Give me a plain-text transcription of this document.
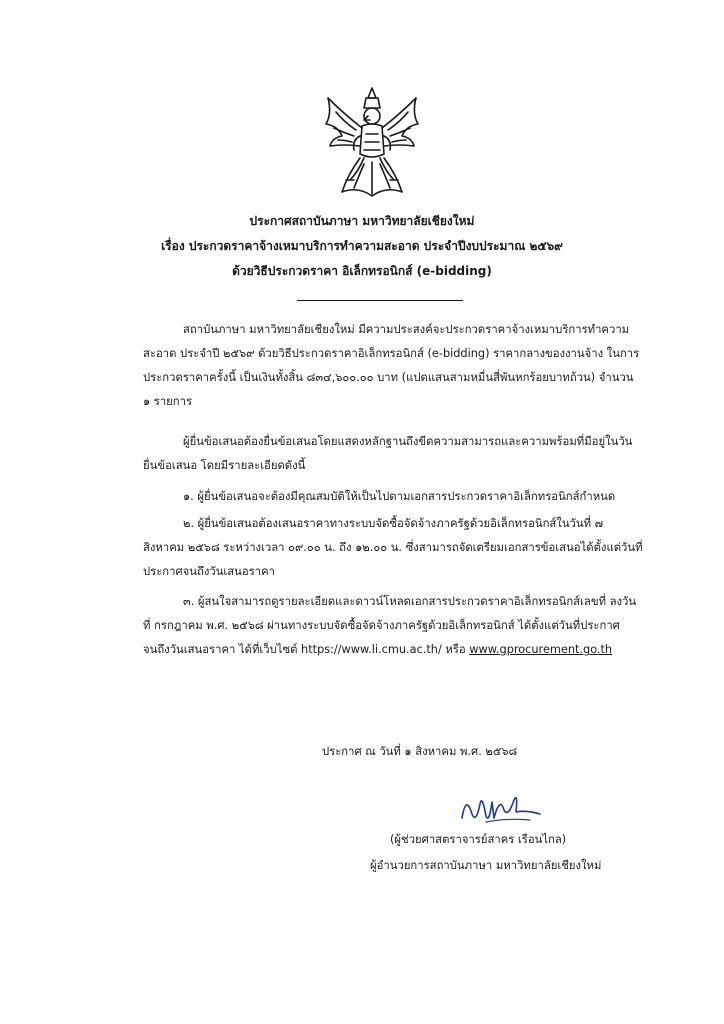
ประกาศสถาบันภาษา มหาวิทยาลัยเชียงใหม่
เรื่อง ประกวดราคาจ้างเหมาบริการทำความสะอาด ประจำปีงบประมาณ ๒๕๖๙
ด้วยวิธีประกวดราคา อิเล็กทรอนิกส์ (e-bidding)

สถาบันภาษา มหาวิทยาลัยเชียงใหม่ มีความประสงค์จะประกวดราคาจ้างเหมาบริการทำความสะอาด ประจำปี ๒๕๖๙ ด้วยวิธีประกวดราคาอิเล็กทรอนิกส์ (e-bidding) ราคากลางของงานจ้าง ในการประกวดราคาครั้งนี้ เป็นเงินทั้งสิ้น ๘๓๔,๖๐๐.๐๐ บาท (แปดแสนสามหมื่นสี่พันหกร้อยบาทถ้วน) จำนวน ๑ รายการ

ผู้ยื่นข้อเสนอต้องยื่นข้อเสนอโดยแสดงหลักฐานถึงขีดความสามารถและความพร้อมที่มีอยู่ในวันยื่นข้อเสนอ โดยมีรายละเอียดดังนี้

๑. ผู้ยื่นข้อเสนอจะต้องมีคุณสมบัติให้เป็นไปตามเอกสารประกวดราคาอิเล็กทรอนิกส์กำหนด

๒. ผู้ยื่นข้อเสนอต้องเสนอราคาทางระบบจัดซื้อจัดจ้างภาครัฐด้วยอิเล็กทรอนิกส์ในวันที่ ๗ สิงหาคม ๒๕๖๘ ระหว่างเวลา ๐๙.๐๐ น. ถึง ๑๒.๐๐ น. ซึ่งสามารถจัดเตรียมเอกสารข้อเสนอได้ตั้งแต่วันที่ประกาศจนถึงวันเสนอราคา

๓. ผู้สนใจสามารถดูรายละเอียดและดาวน์โหลดเอกสารประกวดราคาอิเล็กทรอนิกส์เลขที่ ลงวันที่ กรกฎาคม พ.ศ. ๒๕๖๘ ผ่านทางระบบจัดซื้อจัดจ้างภาครัฐด้วยอิเล็กทรอนิกส์ ได้ตั้งแต่วันที่ประกาศจนถึงวันเสนอราคา ได้ที่เว็บไซต์ https://www.li.cmu.ac.th/ หรือ www.gprocurement.go.th

ประกาศ ณ วันที่ ๑ สิงหาคม พ.ศ. ๒๕๖๘
(ผู้ช่วยศาสตราจารย์สาคร เรือนไกล)
ผู้อำนวยการสถาบันภาษา มหาวิทยาลัยเชียงใหม่
